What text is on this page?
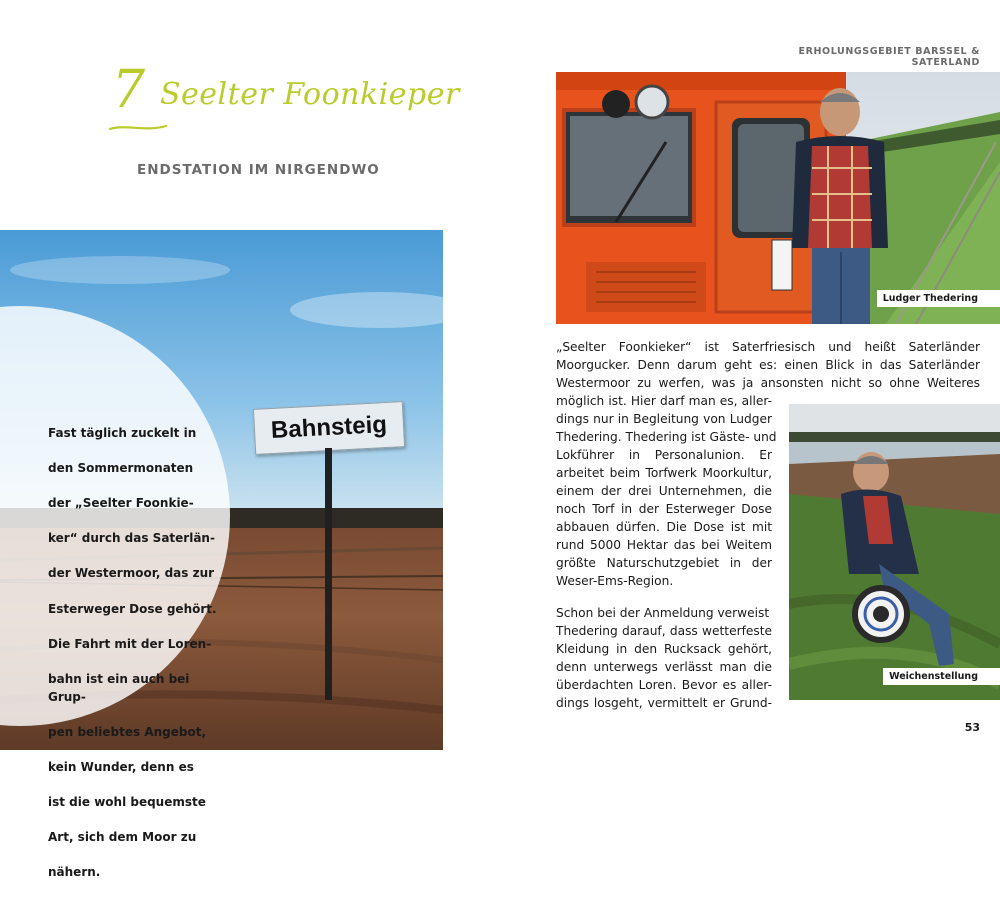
7 Seelter Foonkieper
ENDSTATION IM NIRGENDWO
Bahnsteig

Fast täglich zuckelt in

den Sommermonaten

der „Seelter Foonkie-

ker“ durch das Saterlän-

der Westermoor, das zur

Esterweger Dose gehört.

Die Fahrt mit der Loren-

bahn ist ein auch bei Grup-

pen beliebtes Angebot,

kein Wunder, denn es

ist die wohl bequemste

Art, sich dem Moor zu

nähern.

ERHOLUNGSGEBIET BARSSEL & SATERLAND
Ludger Thedering
Weichenstellung
„Seelter Foonkieker“ ist Saterfriesisch und heißt Saterländer
Moorgucker. Denn darum geht es: einen Blick in das Saterländer
Westermoor zu werfen, was ja ansonsten nicht so ohne Weiteres
möglich ist. Hier darf man es, aller-
dings nur in Begleitung von Ludger
Thedering. Thedering ist Gäste- und
Lokführer in Personalunion. Er
arbeitet beim Torfwerk Moorkultur,
einem der drei Unternehmen, die
noch Torf in der Esterweger Dose
abbauen dürfen. Die Dose ist mit
rund 5000 Hektar das bei Weitem
größte Naturschutzgebiet in der
Weser-Ems-Region.
Schon bei der Anmeldung verweist
Thedering darauf, dass wetterfeste
Kleidung in den Rucksack gehört,
denn unterwegs verlässt man die
überdachten Loren. Bevor es aller-
dings losgeht, vermittelt er Grund-
53
